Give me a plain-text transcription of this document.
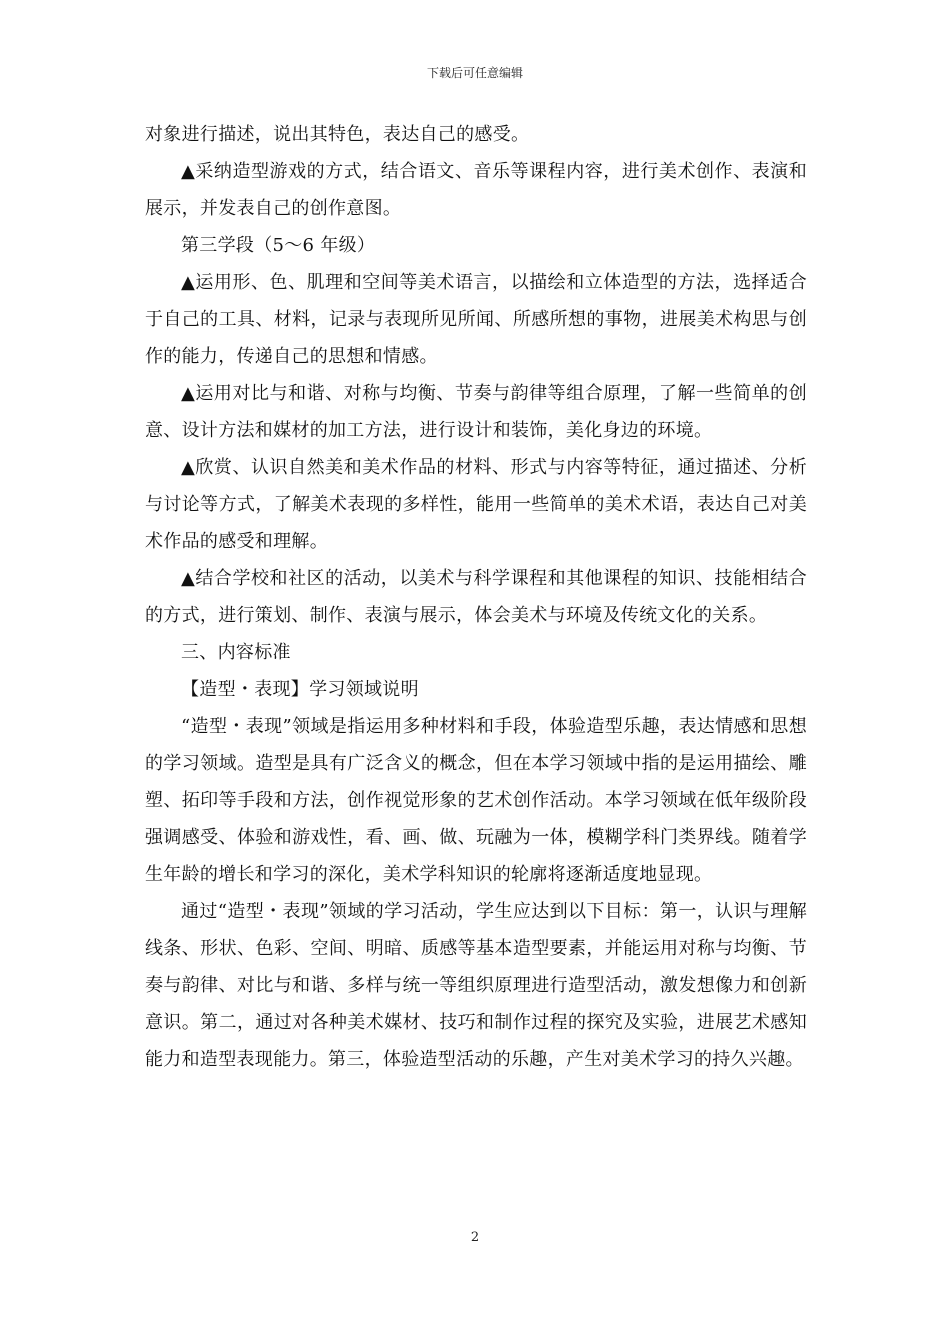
下载后可任意编辑

对象进行描述，说出其特色，表达自己的感受。

▲采纳造型游戏的方式，结合语文、音乐等课程内容，进行美术创作、表演和展示，并发表自己的创作意图。

第三学段（5～6 年级）

▲运用形、色、肌理和空间等美术语言，以描绘和立体造型的方法，选择适合于自己的工具、材料，记录与表现所见所闻、所感所想的事物，进展美术构思与创作的能力，传递自己的思想和情感。

▲运用对比与和谐、对称与均衡、节奏与韵律等组合原理，了解一些简单的创意、设计方法和媒材的加工方法，进行设计和装饰，美化身边的环境。

▲欣赏、认识自然美和美术作品的材料、形式与内容等特征，通过描述、分析与讨论等方式，了解美术表现的多样性，能用一些简单的美术术语，表达自己对美术作品的感受和理解。

▲结合学校和社区的活动，以美术与科学课程和其他课程的知识、技能相结合的方式，进行策划、制作、表演与展示，体会美术与环境及传统文化的关系。

三、内容标准

【造型・表现】学习领域说明

“造型・表现”领域是指运用多种材料和手段，体验造型乐趣，表达情感和思想的学习领域。造型是具有广泛含义的概念，但在本学习领域中指的是运用描绘、雕塑、拓印等手段和方法，创作视觉形象的艺术创作活动。本学习领域在低年级阶段强调感受、体验和游戏性，看、画、做、玩融为一体，模糊学科门类界线。随着学生年龄的增长和学习的深化，美术学科知识的轮廓将逐渐适度地显现。

通过“造型・表现”领域的学习活动，学生应达到以下目标：第一，认识与理解线条、形状、色彩、空间、明暗、质感等基本造型要素，并能运用对称与均衡、节奏与韵律、对比与和谐、多样与统一等组织原理进行造型活动，激发想像力和创新意识。第二，通过对各种美术媒材、技巧和制作过程的探究及实验，进展艺术感知能力和造型表现能力。第三，体验造型活动的乐趣，产生对美术学习的持久兴趣。

2
